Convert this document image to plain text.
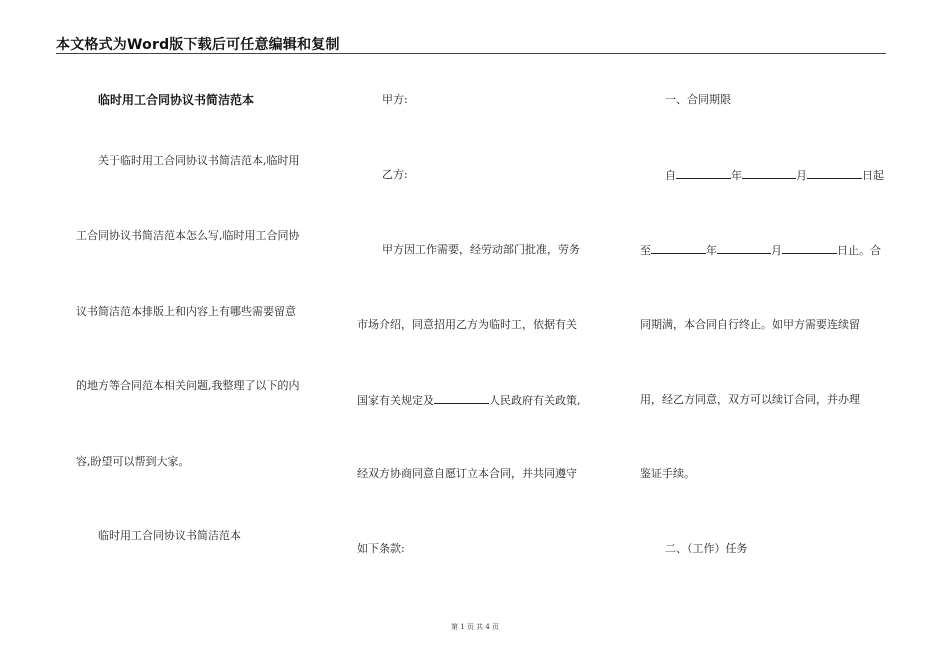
本文格式为Word版下载后可任意编辑和复制
临时用工合同协议书简洁范本
关于临时用工合同协议书简洁范本,临时用
工合同协议书简洁范本怎么写,临时用工合同协
议书简洁范本排版上和内容上有哪些需要留意
的地方等合同范本相关问题,我整理了以下的内
容,盼望可以帮到大家。
临时用工合同协议书简洁范本
甲方:
乙方:
甲方因工作需要，经劳动部门批准，劳务
市场介绍，同意招用乙方为临时工，依据有关
国家有关规定及	人民政府有关政策,
经双方协商同意自愿订立本合同，并共同遵守
如下条款:
一、合同期限
自	年	月	日起
至	年	月	日止。合
同期满，本合同自行终止。如甲方需要连续留
用，经乙方同意，双方可以续订合同，并办理
鉴证手续。
二、（工作）任务
第 1 页 共 4 页
